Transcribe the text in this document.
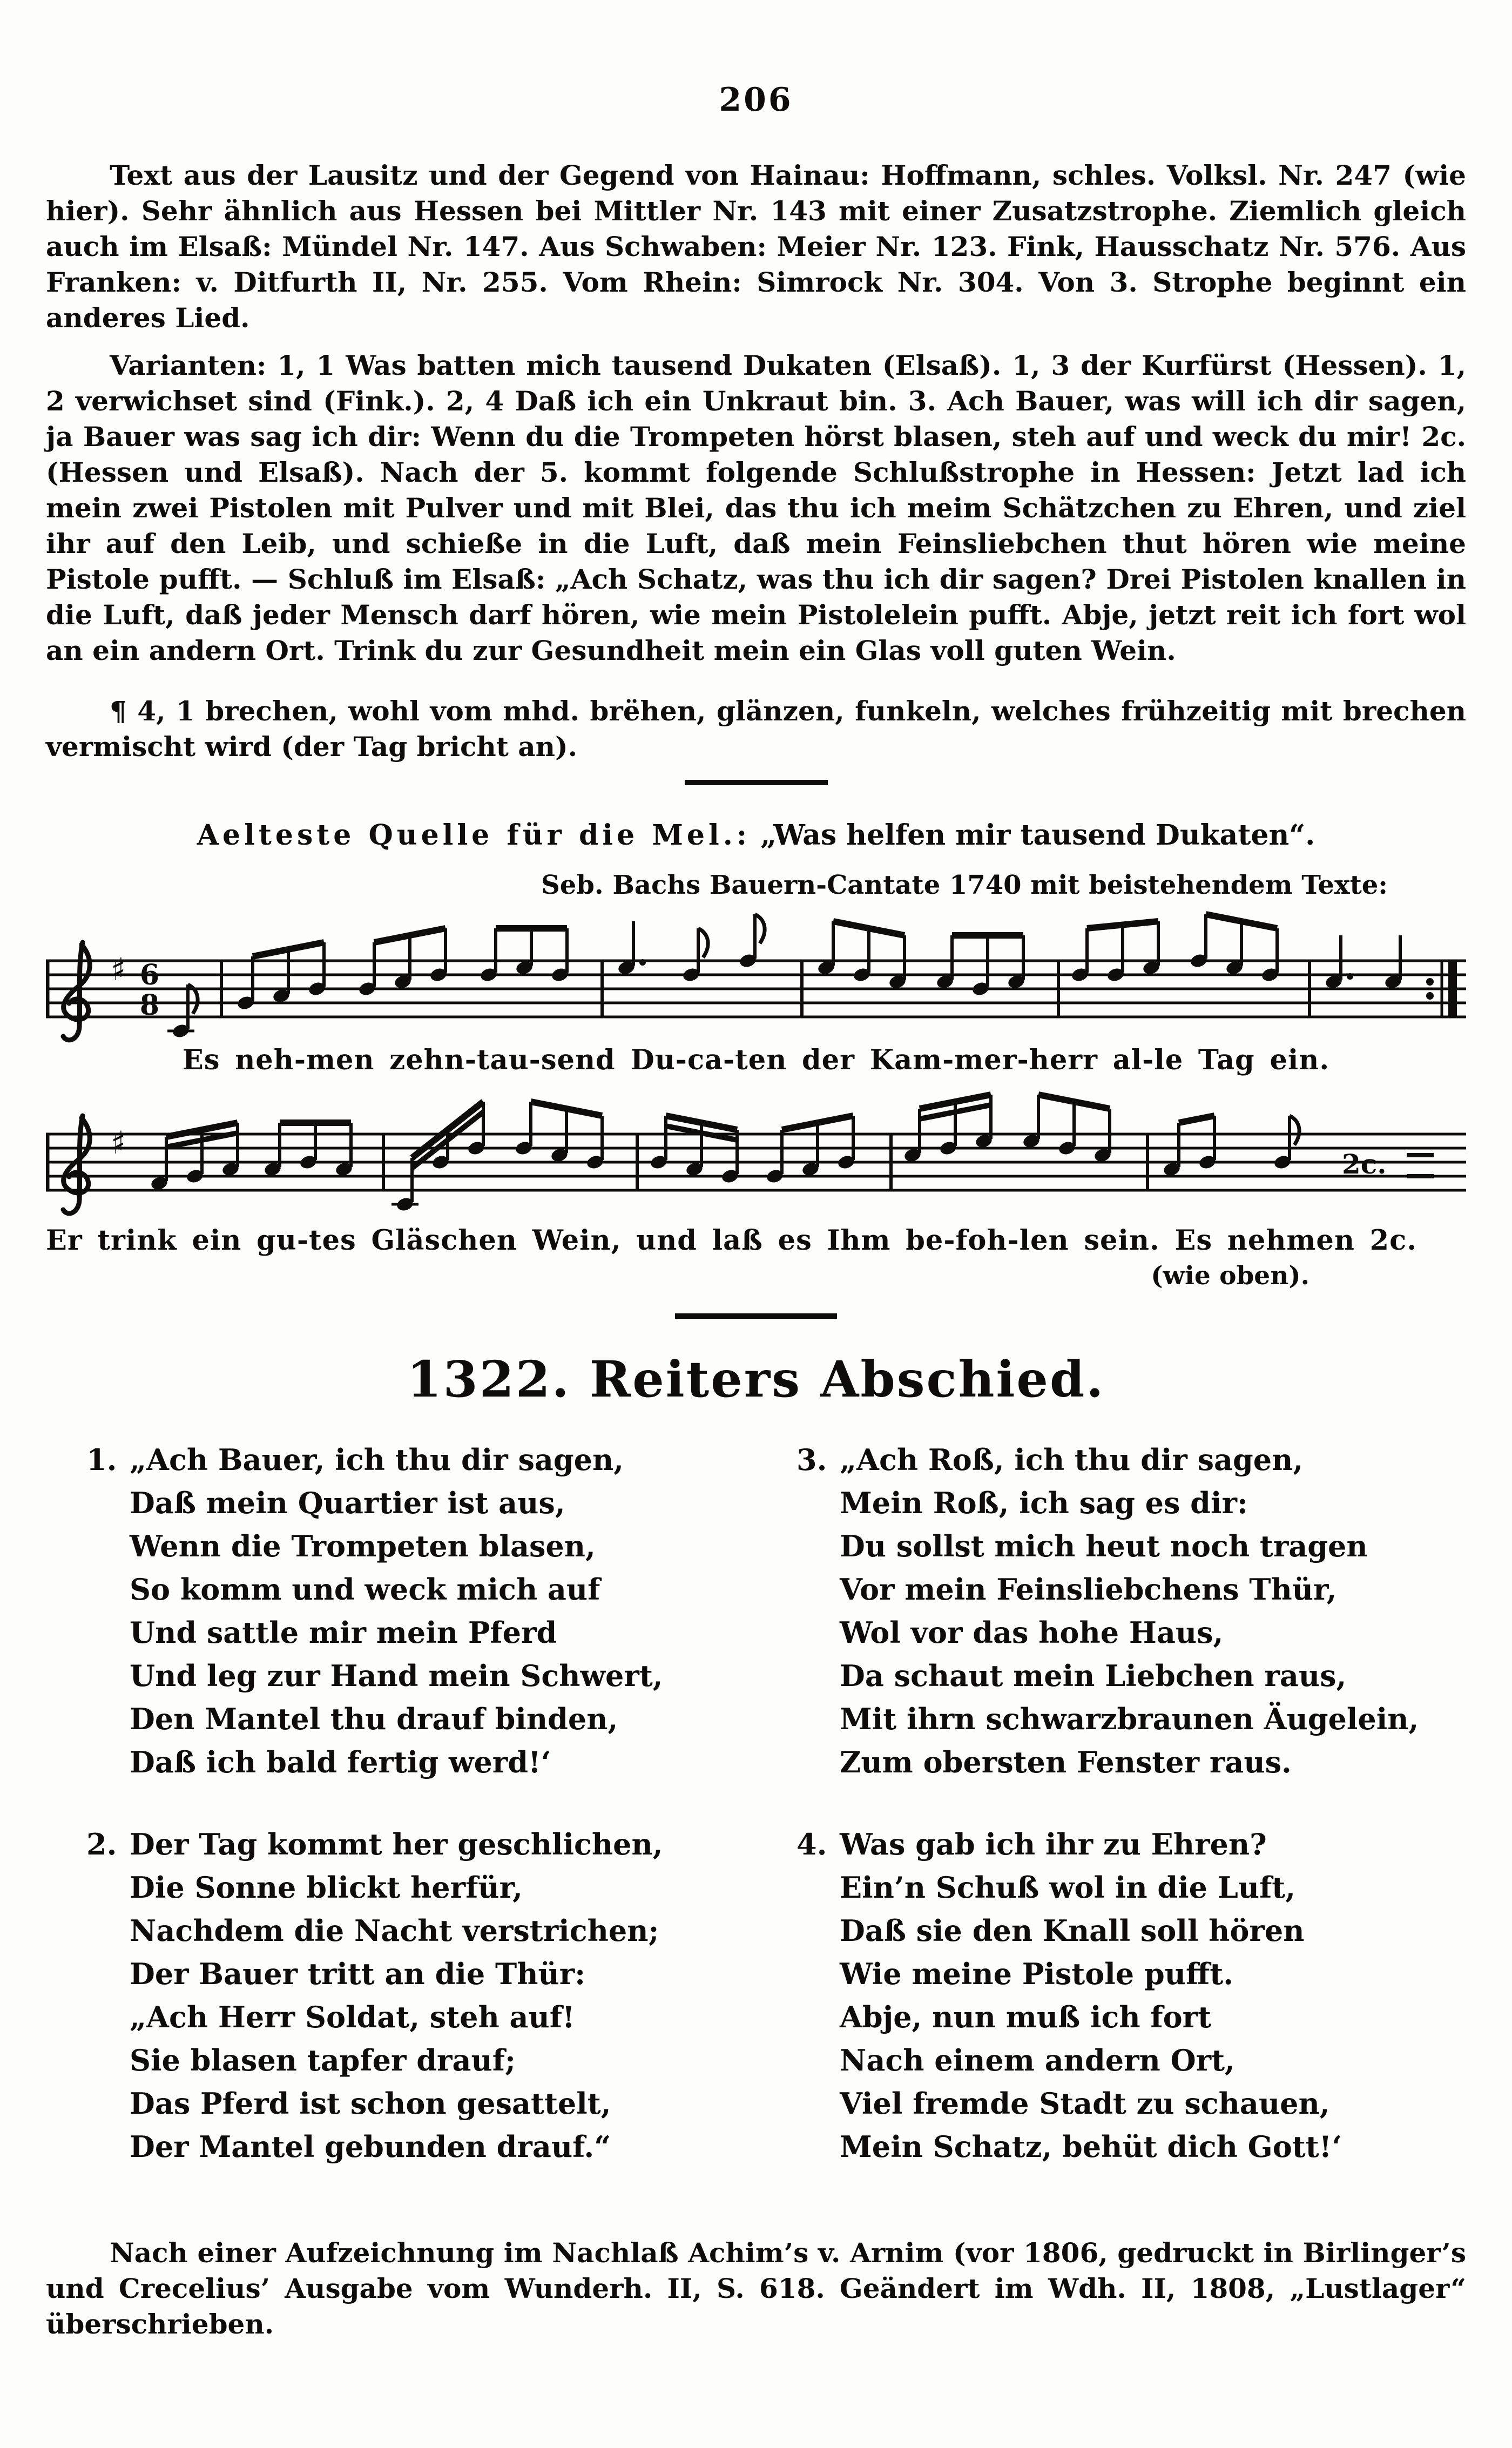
206

Text aus der Lausitz und der Gegend von Hainau: Hoffmann, schles. Volksl. Nr. 247 (wie hier). Sehr ähnlich aus Hessen bei Mittler Nr. 143 mit einer Zusatzstrophe. Ziemlich gleich auch im Elsaß: Mündel Nr. 147. Aus Schwaben: Meier Nr. 123. Fink, Hausschatz Nr. 576. Aus Franken: v. Ditfurth II, Nr. 255. Vom Rhein: Simrock Nr. 304. Von 3. Strophe beginnt ein anderes Lied.

Varianten: 1, 1 Was batten mich tausend Dukaten (Elsaß). 1, 3 der Kurfürst (Hessen). 1, 2 verwichset sind (Fink.). 2, 4 Daß ich ein Unkraut bin. 3. Ach Bauer, was will ich dir sagen, ja Bauer was sag ich dir: Wenn du die Trompeten hörst blasen, steh auf und weck du mir! 2c. (Hessen und Elsaß). Nach der 5. kommt folgende Schlußstrophe in Hessen: Jetzt lad ich mein zwei Pistolen mit Pulver und mit Blei, das thu ich meim Schätzchen zu Ehren, und ziel ihr auf den Leib, und schieße in die Luft, daß mein Feinsliebchen thut hören wie meine Pistole pufft. — Schluß im Elsaß: „Ach Schatz, was thu ich dir sagen? Drei Pistolen knallen in die Luft, daß jeder Mensch darf hören, wie mein Pistolelein pufft. Abje, jetzt reit ich fort wol an ein andern Ort. Trink du zur Gesundheit mein ein Glas voll guten Wein.

¶ 4, 1 brechen, wohl vom mhd. brëhen, glänzen, funkeln, welches frühzeitig mit brechen vermischt wird (der Tag bricht an).

Aelteste Quelle für die Mel.: „Was helfen mir tausend Dukaten“.
Seb. Bachs Bauern-Cantate 1740 mit beistehendem Texte:
♯ 6
8
Es neh-men zehn-tau-send Du-ca-ten der Kam-mer-herr al-le Tag ein.
♯
2c.
Er trink ein gu-tes Gläschen Wein, und laß es Ihm be-foh-len sein. Es nehmen 2c.
(wie oben).
1322. Reiters Abschied.
1. „Ach Bauer, ich thu dir sagen,
Daß mein Quartier ist aus,
Wenn die Trompeten blasen,
So komm und weck mich auf
Und sattle mir mein Pferd
Und leg zur Hand mein Schwert,
Den Mantel thu drauf binden,
Daß ich bald fertig werd!‘
2. Der Tag kommt her geschlichen,
Die Sonne blickt herfür,
Nachdem die Nacht verstrichen;
Der Bauer tritt an die Thür:
„Ach Herr Soldat, steh auf!
Sie blasen tapfer drauf;
Das Pferd ist schon gesattelt,
Der Mantel gebunden drauf.“
3. „Ach Roß, ich thu dir sagen,
Mein Roß, ich sag es dir:
Du sollst mich heut noch tragen
Vor mein Feinsliebchens Thür,
Wol vor das hohe Haus,
Da schaut mein Liebchen raus,
Mit ihrn schwarzbraunen Äugelein,
Zum obersten Fenster raus.
4. Was gab ich ihr zu Ehren?
Ein’n Schuß wol in die Luft,
Daß sie den Knall soll hören
Wie meine Pistole pufft.
Abje, nun muß ich fort
Nach einem andern Ort,
Viel fremde Stadt zu schauen,
Mein Schatz, behüt dich Gott!‘

Nach einer Aufzeichnung im Nachlaß Achim’s v. Arnim (vor 1806, gedruckt in Birlinger’s und Crecelius’ Ausgabe vom Wunderh. II, S. 618. Geändert im Wdh. II, 1808, „Lustlager“ überschrieben.
